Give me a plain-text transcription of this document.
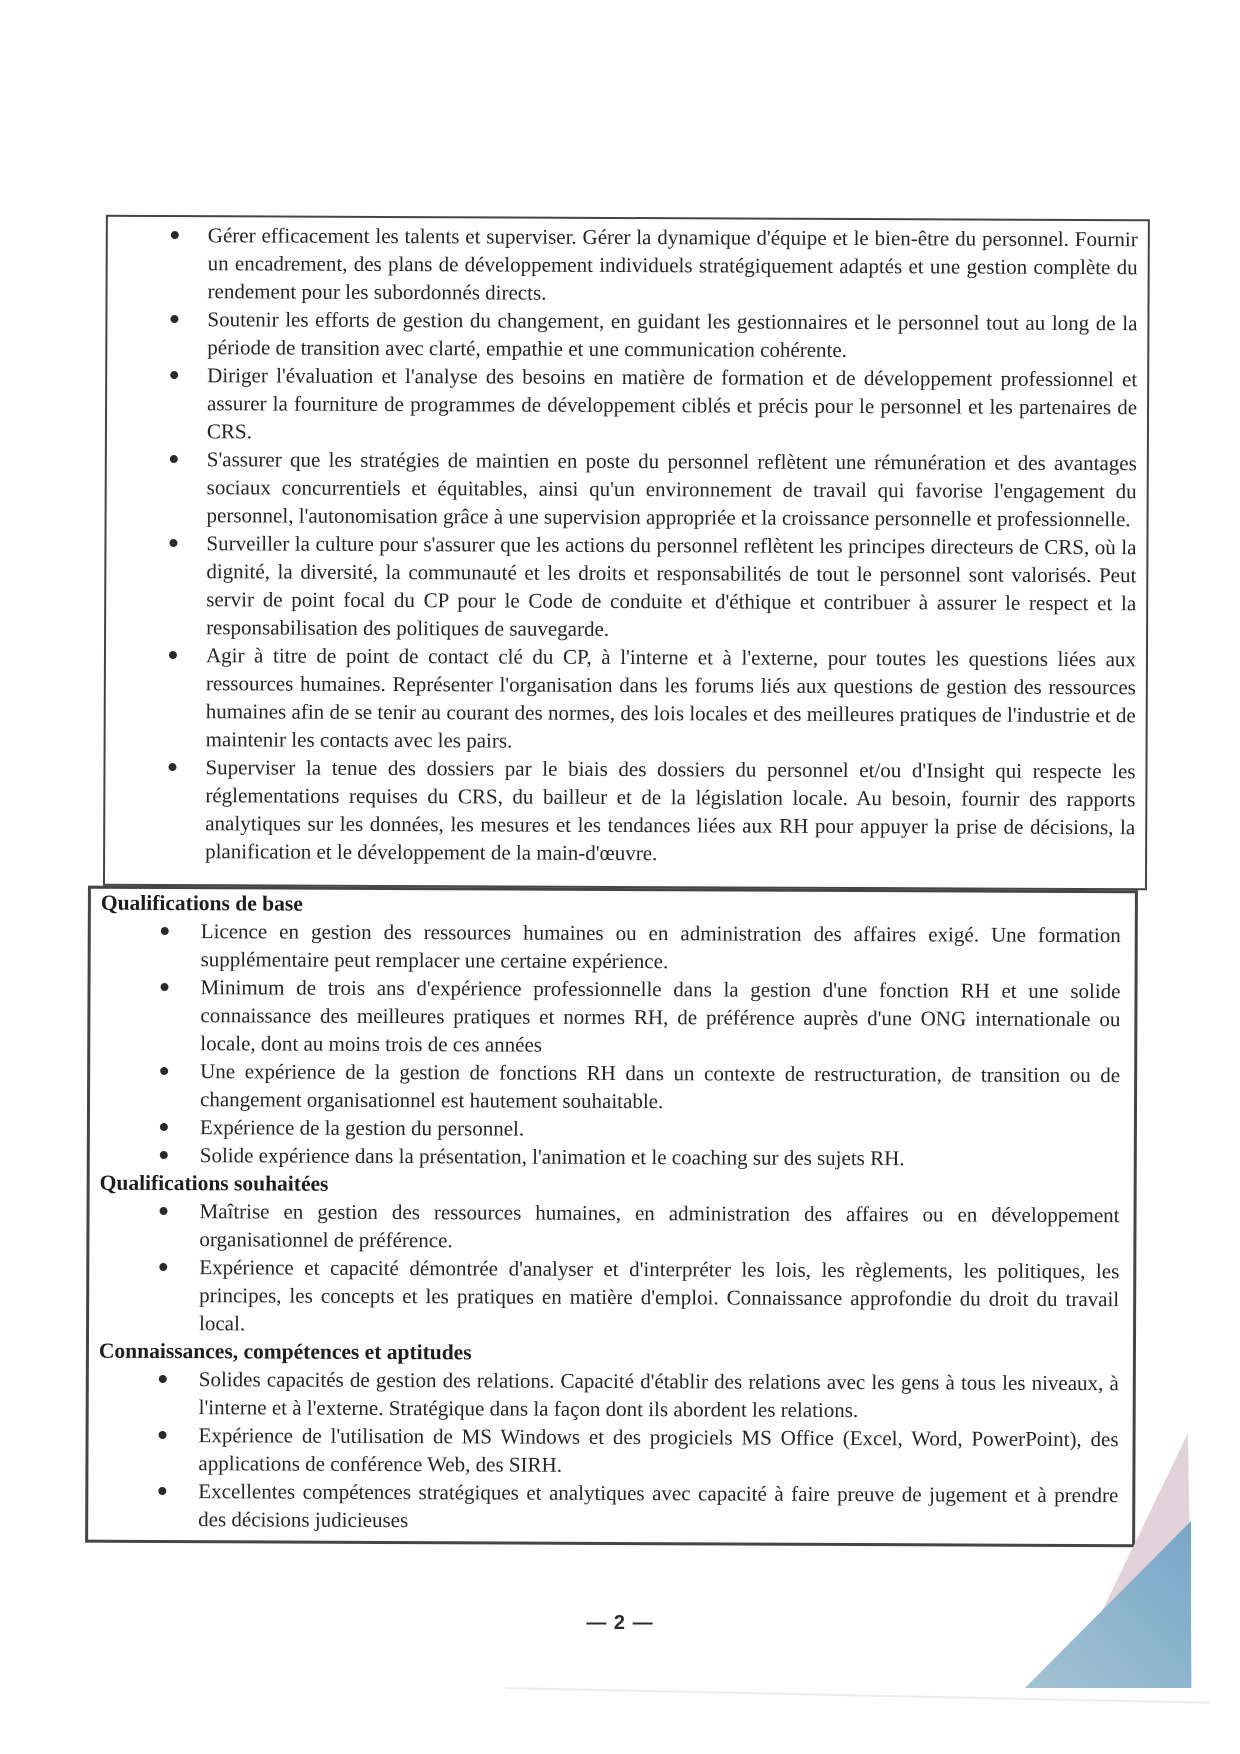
Gérer efficacement les talents et superviser. Gérer la dynamique d'équipe et le bien-être du personnel. Fournir un encadrement, des plans de développement individuels stratégiquement adaptés et une gestion complète du rendement pour les subordonnés directs.
Soutenir les efforts de gestion du changement, en guidant les gestionnaires et le personnel tout au long de la période de transition avec clarté, empathie et une communication cohérente.
Diriger l'évaluation et l'analyse des besoins en matière de formation et de développement professionnel et assurer la fourniture de programmes de développement ciblés et précis pour le personnel et les partenaires de CRS.
S'assurer que les stratégies de maintien en poste du personnel reflètent une rémunération et des avantages sociaux concurrentiels et équitables, ainsi qu'un environnement de travail qui favorise l'engagement du personnel, l'autonomisation grâce à une supervision appropriée et la croissance personnelle et professionnelle.
Surveiller la culture pour s'assurer que les actions du personnel reflètent les principes directeurs de CRS, où la dignité, la diversité, la communauté et les droits et responsabilités de tout le personnel sont valorisés. Peut servir de point focal du CP pour le Code de conduite et d'éthique et contribuer à assurer le respect et la responsabilisation des politiques de sauvegarde.
Agir à titre de point de contact clé du CP, à l'interne et à l'externe, pour toutes les questions liées aux ressources humaines. Représenter l'organisation dans les forums liés aux questions de gestion des ressources humaines afin de se tenir au courant des normes, des lois locales et des meilleures pratiques de l'industrie et de maintenir les contacts avec les pairs.
Superviser la tenue des dossiers par le biais des dossiers du personnel et/ou d'Insight qui respecte les réglementations requises du CRS, du bailleur et de la législation locale. Au besoin, fournir des rapports analytiques sur les données, les mesures et les tendances liées aux RH pour appuyer la prise de décisions, la planification et le développement de la main-d'œuvre.
Qualifications de base
Licence en gestion des ressources humaines ou en administration des affaires exigé. Une formation supplémentaire peut remplacer une certaine expérience.
Minimum de trois ans d'expérience professionnelle dans la gestion d'une fonction RH et une solide connaissance des meilleures pratiques et normes RH, de préférence auprès d'une ONG internationale ou locale, dont au moins trois de ces années
Une expérience de la gestion de fonctions RH dans un contexte de restructuration, de transition ou de changement organisationnel est hautement souhaitable.
Expérience de la gestion du personnel.
Solide expérience dans la présentation, l'animation et le coaching sur des sujets RH.
Qualifications souhaitées
Maîtrise en gestion des ressources humaines, en administration des affaires ou en développement organisationnel de préférence.
Expérience et capacité démontrée d'analyser et d'interpréter les lois, les règlements, les politiques, les principes, les concepts et les pratiques en matière d'emploi. Connaissance approfondie du droit du travail local.
Connaissances, compétences et aptitudes
Solides capacités de gestion des relations. Capacité d'établir des relations avec les gens à tous les niveaux, à l'interne et à l'externe. Stratégique dans la façon dont ils abordent les relations.
Expérience de l'utilisation de MS Windows et des progiciels MS Office (Excel, Word, PowerPoint), des applications de conférence Web, des SIRH.
Excellentes compétences stratégiques et analytiques avec capacité à faire preuve de jugement et à prendre des décisions judicieuses
— 2 —
